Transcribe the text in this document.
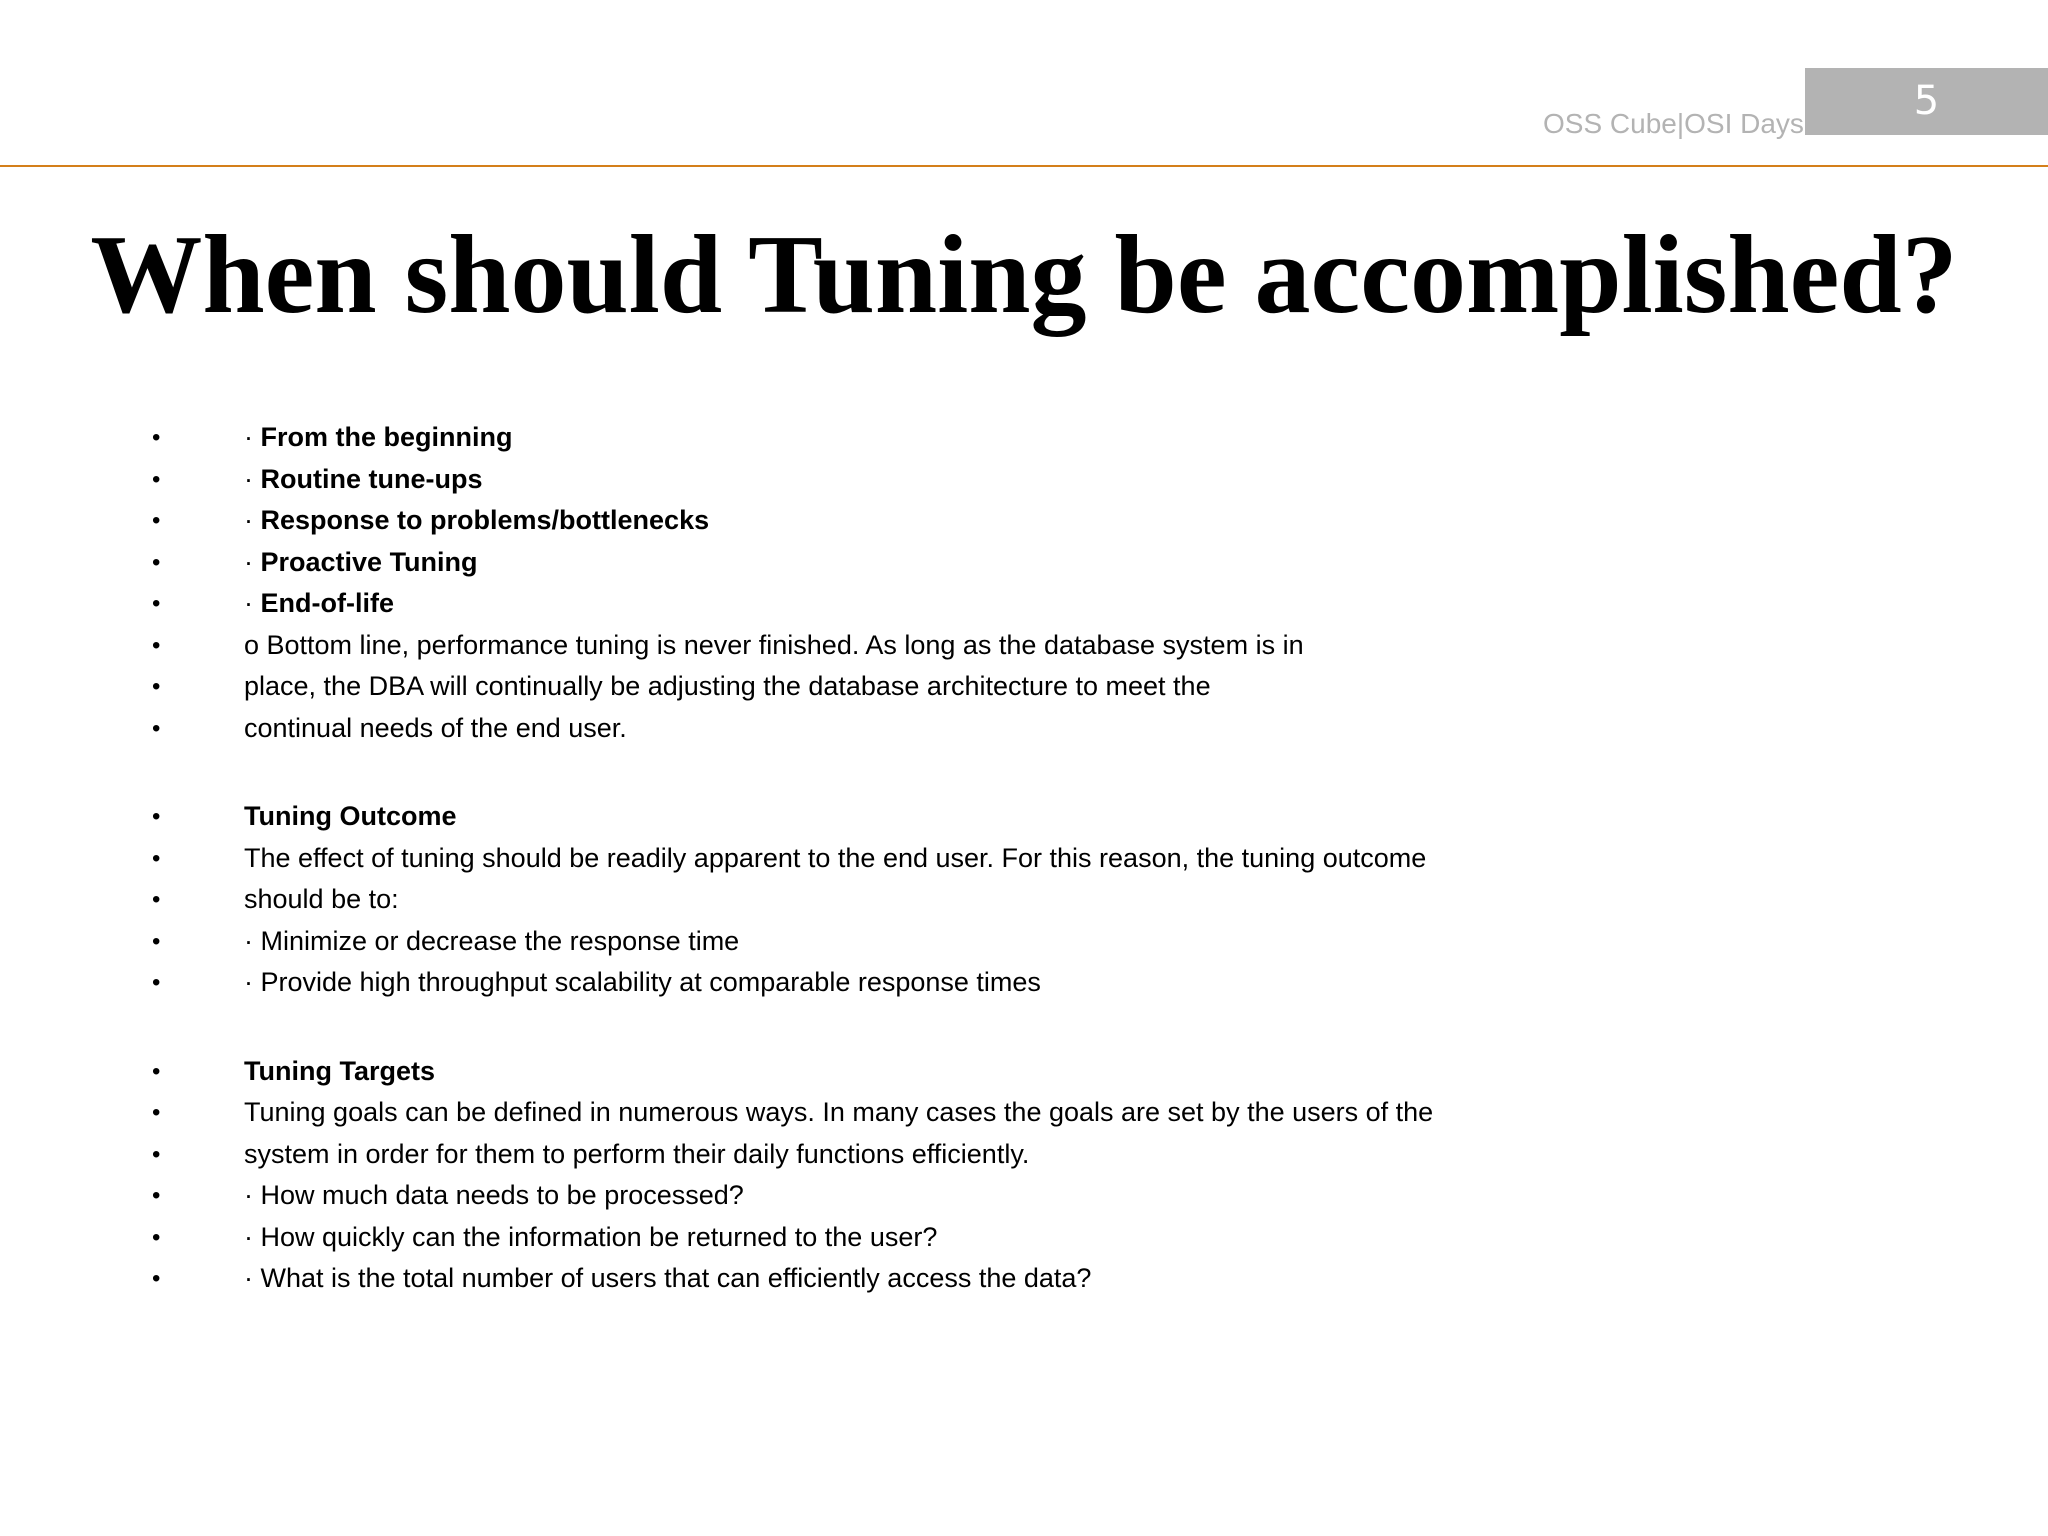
OSS Cube|OSI Days	5
When should Tuning be accomplished?
•	· From the beginning
•	· Routine tune-ups
•	· Response to problems/bottlenecks
•	· Proactive Tuning
•	· End-of-life
•	o Bottom line, performance tuning is never finished. As long as the database system is in
•	place, the DBA will continually be adjusting the database architecture to meet the
•	continual needs of the end user.
•	Tuning Outcome
•	The effect of tuning should be readily apparent to the end user. For this reason, the tuning outcome
•	should be to:
•	· Minimize or decrease the response time
•	· Provide high throughput scalability at comparable response times
•	Tuning Targets
•	Tuning goals can be defined in numerous ways. In many cases the goals are set by the users of the
•	system in order for them to perform their daily functions efficiently.
•	· How much data needs to be processed?
•	· How quickly can the information be returned to the user?
•	· What is the total number of users that can efficiently access the data?
